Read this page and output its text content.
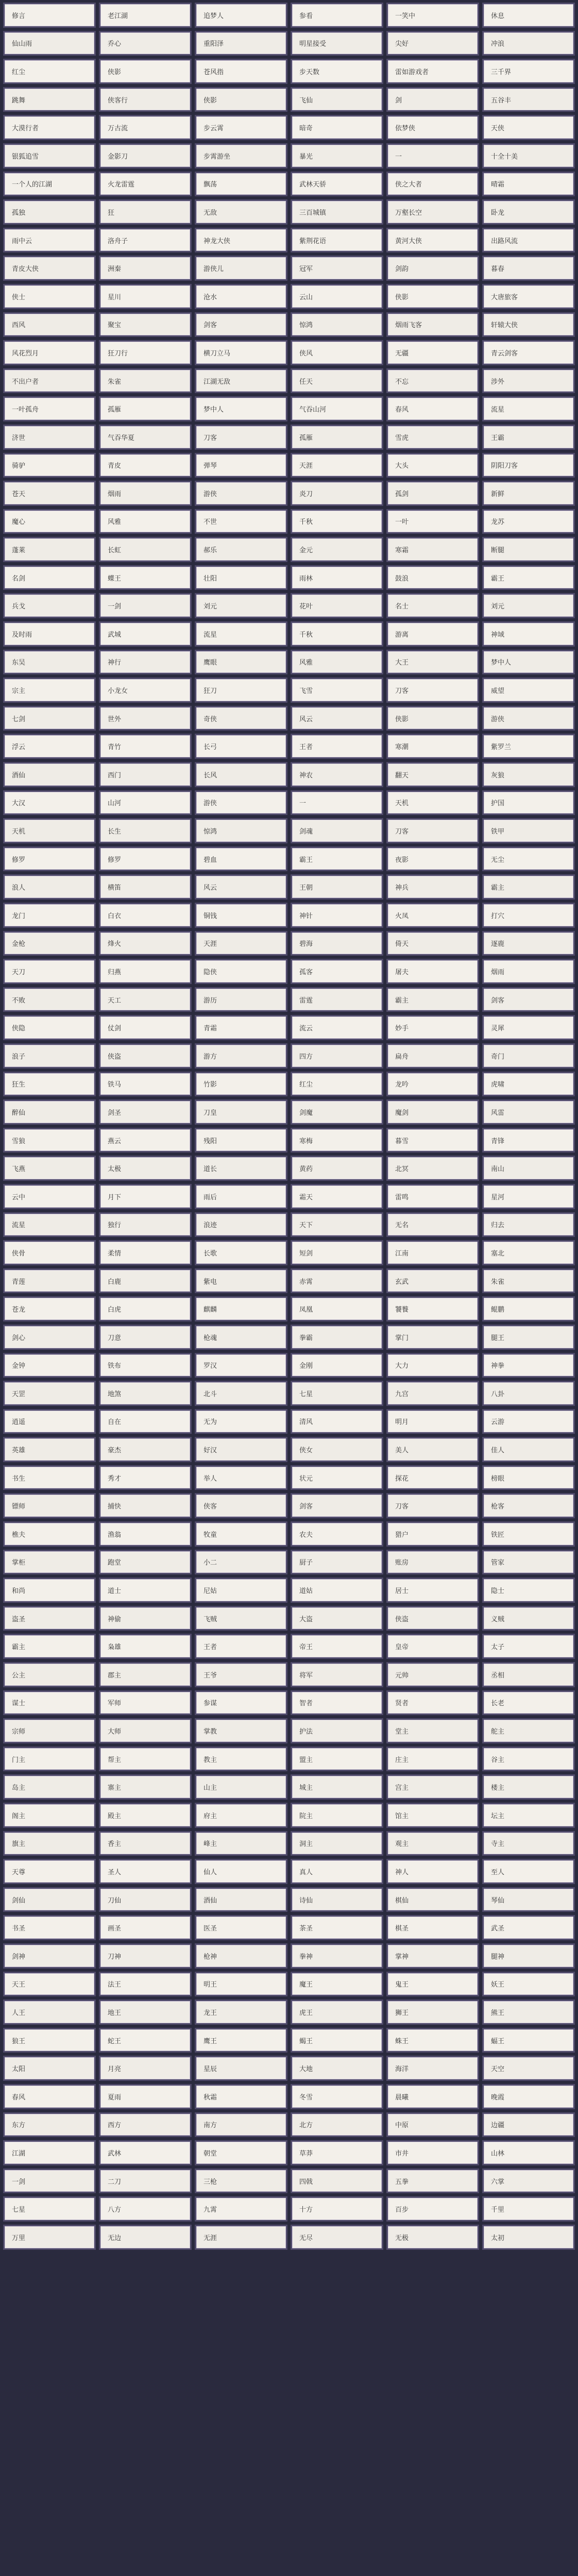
修言	老江湖	追梦人	参看	一笑中	休息
仙山雨	乔心	重阳泽	明星接受	尖好	冲浪
红尘	侠影	苍风指	步天数	雷如游戏者	三千界
跳舞	侠客行	侠影	飞仙	剑	五谷丰
大漠行者	万古流	步云霄	暗奇	依梦侠	天侠
银狐追雪	金影刀	步霄游坐	暴光	一	十全十美
一个人的江湖	火龙雷霆	飘荡	武林天骄	侠之大者	晴霜
孤独	狂	无敌	三百城镇	万壑长空	卧龙
雨中云	洛舟子	神龙大侠	紫荆花语	黄河大侠	出路风流
青皮大侠	洲秦	游侠儿	冠军	剑韵	暮春
侠士	星川	沧水	云山	侠影	大唐旅客
西风	聚宝	剑客	惊鸿	烟雨飞客	轩辕大侠
风花烈月	狂刀行	横刀立马	侠风	无疆	青云剑客
不出户者	朱雀	江湖无敌	任天	不忘	涉外
一叶孤舟	孤雁	梦中人	气吞山河	春风	流星
济世	气吞华夏	刀客	孤雁	雪虎	王霸
骑驴	青皮	弹琴	天涯	大头	阴阳刀客
苍天	烟雨	游侠	炎刀	孤剑	新鲜
魔心	风雅	不世	千秋	一叶	龙苏
蓬莱	长虹	郝乐	金元	寒霜	断腿
名剑	蝶王	壮阳	雨林	鼓浪	霸王
兵戈	一剑	刘元	花叶	名士	刘元
及时雨	武城	流星	千秋	游离	神域
东吴	神行	鹰眼	风雅	大王	梦中人
宗主	小龙女	狂刀	飞雪	刀客	威望
七剑	世外	奇侠	风云	侠影	游侠
浮云	青竹	长弓	王者	寒潮	紫罗兰
酒仙	西门	长风	神农	翻天	灰狼
大汉	山河	游侠	一	天机	护国
天机	长生	惊鸿	剑魂	刀客	铁甲
修罗	修罗	碧血	霸王	夜影	无尘
浪人	横笛	风云	王朝	神兵	霸主
龙门	白衣	铜钱	神针	火凤	打穴
金枪	烽火	天涯	碧海	倚天	逐鹿
天刀	归燕	隐侠	孤客	屠夫	烟雨
不败	天工	游历	雷霆	霸主	剑客
侠隐	仗剑	青霜	流云	妙手	灵犀
浪子	侠盗	游方	四方	扁舟	奇门
狂生	铁马	竹影	红尘	龙吟	虎啸
醉仙	剑圣	刀皇	剑魔	魔剑	风雷
雪狼	燕云	残阳	寒梅	暮雪	青锋
飞燕	太极	道长	黄药	北冥	南山
云中	月下	雨后	霜天	雷鸣	星河
流星	独行	浪迹	天下	无名	归去
侠骨	柔情	长歌	短剑	江南	塞北
青莲	白鹿	紫电	赤霄	玄武	朱雀
苍龙	白虎	麒麟	凤凰	饕餮	鲲鹏
剑心	刀意	枪魂	拳霸	掌门	腿王
金钟	铁布	罗汉	金刚	大力	神拳
天罡	地煞	北斗	七星	九宫	八卦
逍遥	自在	无为	清风	明月	云游
英雄	豪杰	好汉	侠女	美人	佳人
书生	秀才	举人	状元	探花	榜眼
镖师	捕快	侠客	剑客	刀客	枪客
樵夫	渔翁	牧童	农夫	猎户	铁匠
掌柜	跑堂	小二	厨子	账房	管家
和尚	道士	尼姑	道姑	居士	隐士
盗圣	神偷	飞贼	大盗	侠盗	义贼
霸主	枭雄	王者	帝王	皇帝	太子
公主	郡主	王爷	将军	元帅	丞相
谋士	军师	参谋	智者	贤者	长老
宗师	大师	掌教	护法	堂主	舵主
门主	帮主	教主	盟主	庄主	谷主
岛主	寨主	山主	城主	宫主	楼主
阁主	殿主	府主	院主	馆主	坛主
旗主	香主	峰主	洞主	观主	寺主
天尊	圣人	仙人	真人	神人	至人
剑仙	刀仙	酒仙	诗仙	棋仙	琴仙
书圣	画圣	医圣	茶圣	棋圣	武圣
剑神	刀神	枪神	拳神	掌神	腿神
天王	法王	明王	魔王	鬼王	妖王
人王	地王	龙王	虎王	狮王	熊王
狼王	蛇王	鹰王	蝎王	蛛王	蝠王
太阳	月亮	星辰	大地	海洋	天空
春风	夏雨	秋霜	冬雪	晨曦	晚霞
东方	西方	南方	北方	中原	边疆
江湖	武林	朝堂	草莽	市井	山林
一剑	二刀	三枪	四戟	五拳	六掌
七星	八方	九霄	十方	百步	千里
万里	无边	无涯	无尽	无极	太初
